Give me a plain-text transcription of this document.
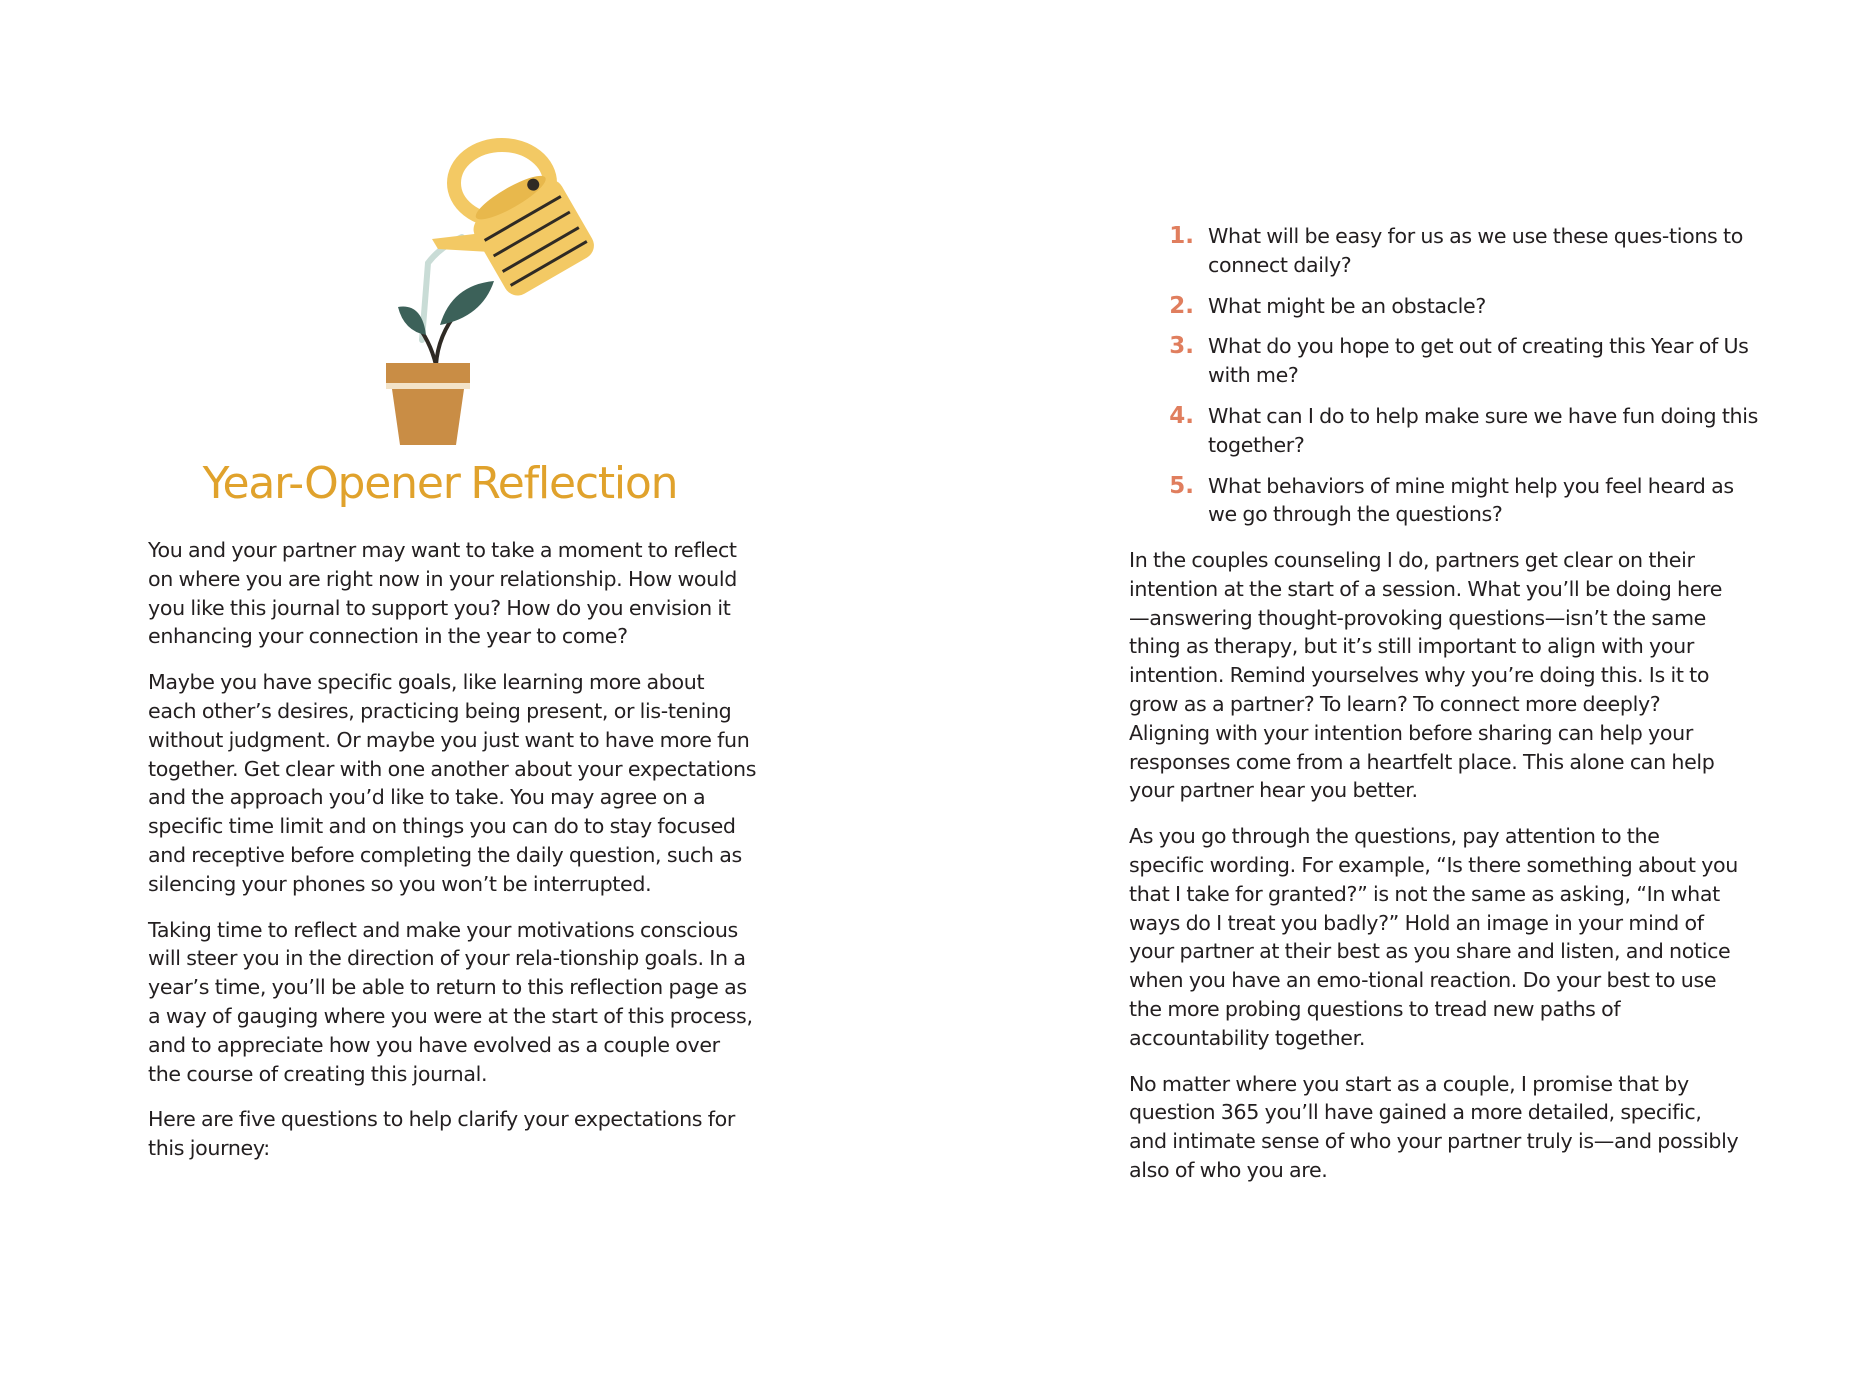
Year-Opener Reflection

You and your partner may want to take a moment to reflect on where you are right now in your relationship. How would you like this journal to support you? How do you envision it enhancing your connection in the year to come?

Maybe you have specific goals, like learning more about each other’s desires, practicing being present, or lis-tening without judgment. Or maybe you just want to have more fun together. Get clear with one another about your expectations and the approach you’d like to take. You may agree on a specific time limit and on things you can do to stay focused and receptive before completing the daily question, such as silencing your phones so you won’t be interrupted.

Taking time to reflect and make your motivations conscious will steer you in the direction of your rela-tionship goals. In a year’s time, you’ll be able to return to this reflection page as a way of gauging where you were at the start of this process, and to appreciate how you have evolved as a couple over the course of creating this journal.

Here are five questions to help clarify your expectations for this journey:

1. What will be easy for us as we use these ques-tions to connect daily?
2. What might be an obstacle?
3. What do you hope to get out of creating this Year of Us with me?
4. What can I do to help make sure we have fun doing this together?
5. What behaviors of mine might help you feel heard as we go through the questions?

In the couples counseling I do, partners get clear on their intention at the start of a session. What you’ll be doing here—answering thought-provoking questions—isn’t the same thing as therapy, but it’s still important to align with your intention. Remind yourselves why you’re doing this. Is it to grow as a partner? To learn? To connect more deeply? Aligning with your intention before sharing can help your responses come from a heartfelt place. This alone can help your partner hear you better.

As you go through the questions, pay attention to the specific wording. For example, “Is there something about you that I take for granted?” is not the same as asking, “In what ways do I treat you badly?” Hold an image in your mind of your partner at their best as you share and listen, and notice when you have an emo-tional reaction. Do your best to use the more probing questions to tread new paths of accountability together.

No matter where you start as a couple, I promise that by question 365 you’ll have gained a more detailed, specific, and intimate sense of who your partner truly is—and possibly also of who you are.
